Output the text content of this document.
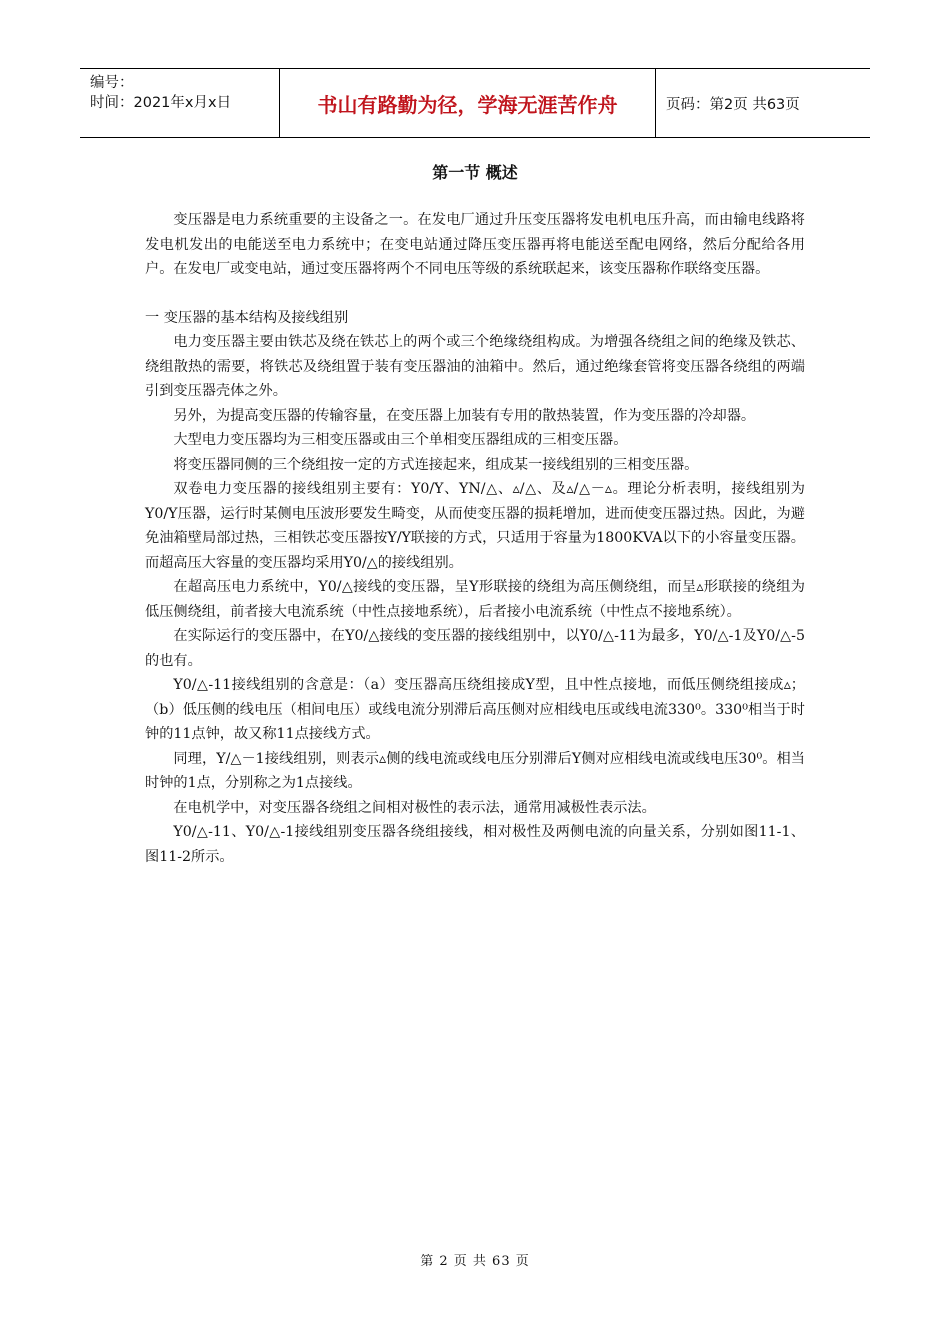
编号：
时间：2021年x月x日	书山有路勤为径，学海无涯苦作舟	页码：第2页 共63页
第一节 概述

变压器是电力系统重要的主设备之一。在发电厂通过升压变压器将发电机电压升高，而由输电线路将发电机发出的电能送至电力系统中；在变电站通过降压变压器再将电能送至配电网络，然后分配给各用户。在发电厂或变电站，通过变压器将两个不同电压等级的系统联起来，该变压器称作联络变压器。

一 变压器的基本结构及接线组别

电力变压器主要由铁芯及绕在铁芯上的两个或三个绝缘绕组构成。为增强各绕组之间的绝缘及铁芯、绕组散热的需要，将铁芯及绕组置于装有变压器油的油箱中。然后，通过绝缘套管将变压器各绕组的两端引到变压器壳体之外。

另外，为提高变压器的传输容量，在变压器上加装有专用的散热装置，作为变压器的冷却器。

大型电力变压器均为三相变压器或由三个单相变压器组成的三相变压器。

将变压器同侧的三个绕组按一定的方式连接起来，组成某一接线组别的三相变压器。

双卷电力变压器的接线组别主要有：Y0/Y、YN/△、▵/△、及▵/△－▵。理论分析表明，接线组别为Y0/Y压器，运行时某侧电压波形要发生畸变，从而使变压器的损耗增加，进而使变压器过热。因此，为避免油箱壁局部过热，三相铁芯变压器按Y/Y联接的方式，只适用于容量为1800KVA以下的小容量变压器。而超高压大容量的变压器均采用Y0/△的接线组别。

在超高压电力系统中，Y0/△接线的变压器，呈Y形联接的绕组为高压侧绕组，而呈▵形联接的绕组为低压侧绕组，前者接大电流系统（中性点接地系统），后者接小电流系统（中性点不接地系统）。

在实际运行的变压器中，在Y0/△接线的变压器的接线组别中，以Y0/△-11为最多，Y0/△-1及Y0/△-5的也有。

Y0/△-11接线组别的含意是：（a）变压器高压绕组接成Y型，且中性点接地，而低压侧绕组接成▵；（b）低压侧的线电压（相间电压）或线电流分别滞后高压侧对应相线电压或线电流330⁰。330⁰相当于时钟的11点钟，故又称11点接线方式。

同理，Y/△－1接线组别，则表示▵侧的线电流或线电压分别滞后Y侧对应相线电流或线电压30⁰。相当时钟的1点，分别称之为1点接线。

在电机学中，对变压器各绕组之间相对极性的表示法，通常用减极性表示法。

Y0/△-11、Y0/△-1接线组别变压器各绕组接线，相对极性及两侧电流的向量关系，分别如图11-1、图11-2所示。

第 2 页 共 63 页
